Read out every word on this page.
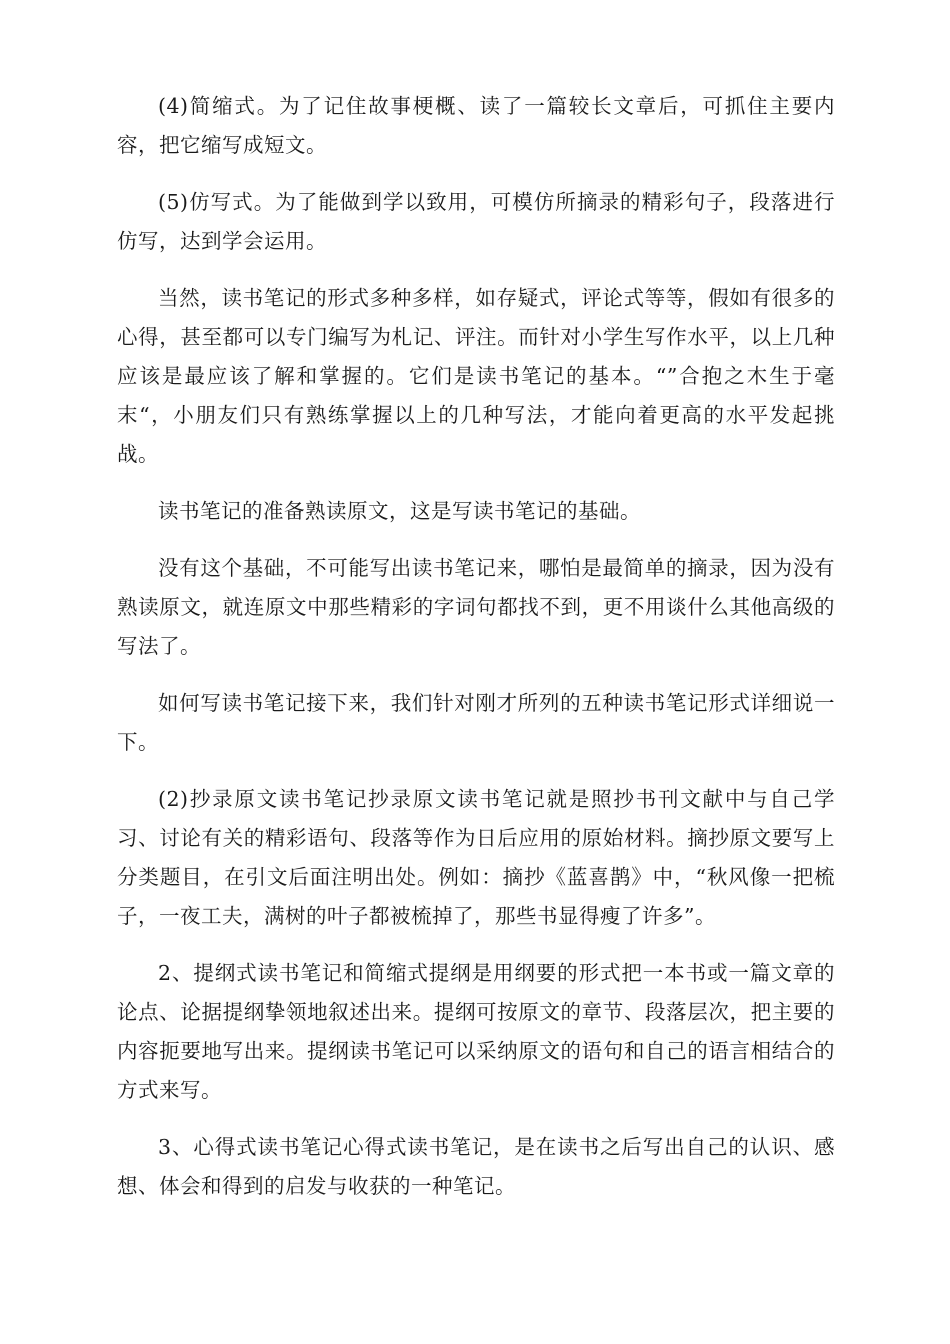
(4)简缩式。为了记住故事梗概、读了一篇较长文章后，可抓住主要内容，把它缩写成短文。

(5)仿写式。为了能做到学以致用，可模仿所摘录的精彩句子，段落进行仿写，达到学会运用。

当然，读书笔记的形式多种多样，如存疑式，评论式等等，假如有很多的心得，甚至都可以专门编写为札记、评注。而针对小学生写作水平，以上几种应该是最应该了解和掌握的。它们是读书笔记的基本。“”合抱之木生于毫末“，小朋友们只有熟练掌握以上的几种写法，才能向着更高的水平发起挑战。

读书笔记的准备熟读原文，这是写读书笔记的基础。

没有这个基础，不可能写出读书笔记来，哪怕是最简单的摘录，因为没有熟读原文，就连原文中那些精彩的字词句都找不到，更不用谈什么其他高级的写法了。

如何写读书笔记接下来，我们针对刚才所列的五种读书笔记形式详细说一下。

(2)抄录原文读书笔记抄录原文读书笔记就是照抄书刊文献中与自己学习、讨论有关的精彩语句、段落等作为日后应用的原始材料。摘抄原文要写上分类题目，在引文后面注明出处。例如：摘抄《蓝喜鹊》中，“秋风像一把梳子，一夜工夫，满树的叶子都被梳掉了，那些书显得瘦了许多”。

2、提纲式读书笔记和简缩式提纲是用纲要的形式把一本书或一篇文章的论点、论据提纲挚领地叙述出来。提纲可按原文的章节、段落层次，把主要的内容扼要地写出来。提纲读书笔记可以采纳原文的语句和自己的语言相结合的方式来写。

3、心得式读书笔记心得式读书笔记，是在读书之后写出自己的认识、感想、体会和得到的启发与收获的一种笔记。
